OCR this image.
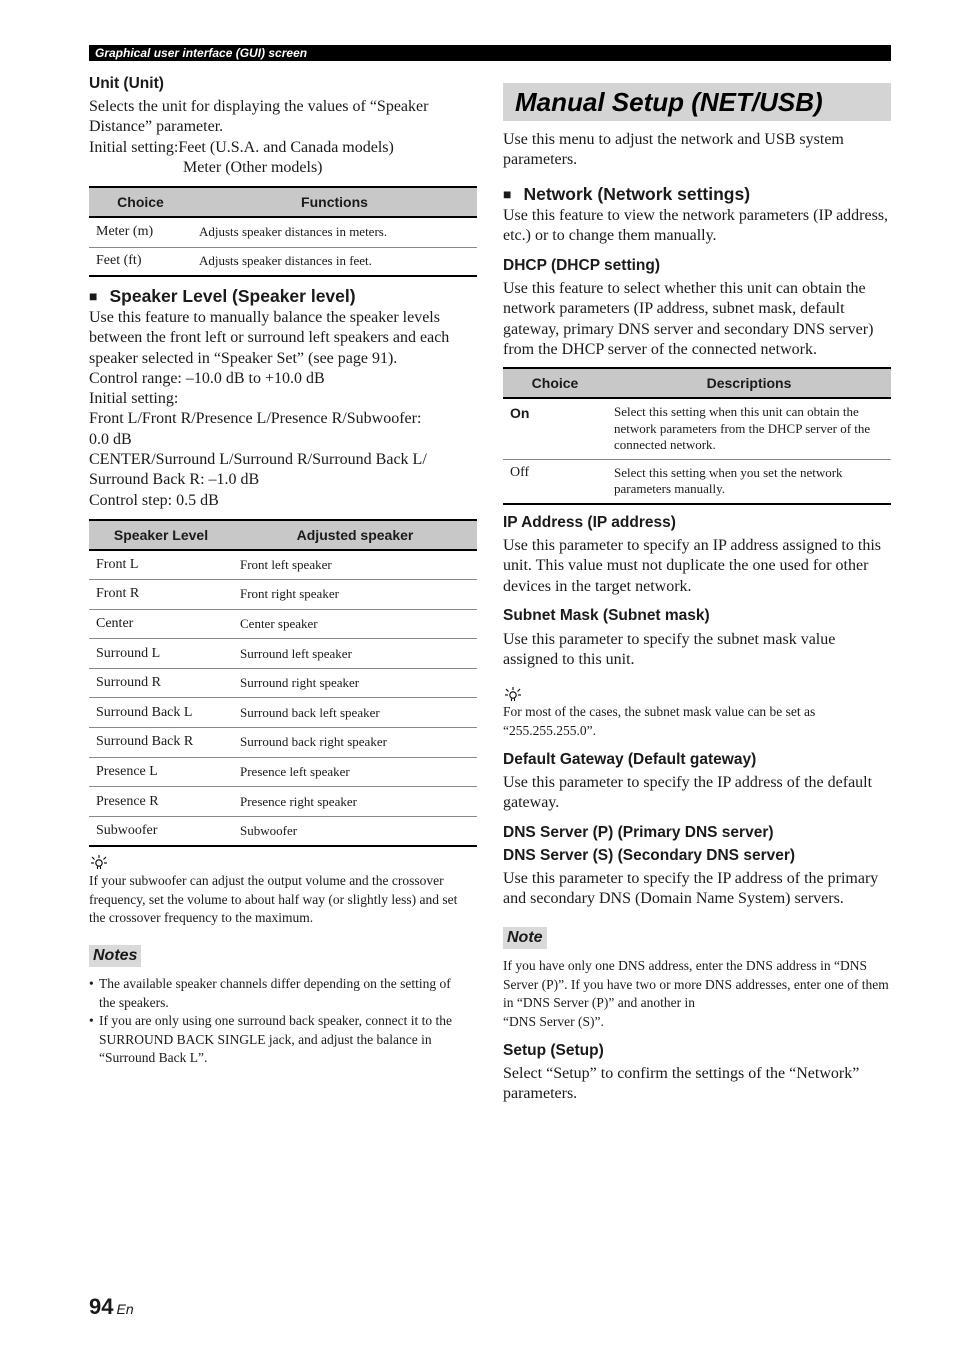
Graphical user interface (GUI) screen
Unit (Unit)

Selects the unit for displaying the values of “Speaker Distance” parameter.

Initial setting:Feet (U.S.A. and Canada models)
Meter (Other models)
Choice	Functions
Meter (m)	Adjusts speaker distances in meters.
Feet (ft)	Adjusts speaker distances in feet.
■ Speaker Level (Speaker level)

Use this feature to manually balance the speaker levels between the front left or surround left speakers and each speaker selected in “Speaker Set” (see page 91).

Control range: –10.0 dB to +10.0 dB

Initial setting:

Front L/Front R/Presence L/Presence R/Subwoofer: 0.0 dB

CENTER/Surround L/Surround R/Surround Back L/ Surround Back R: –1.0 dB

Control step: 0.5 dB

Speaker Level	Adjusted speaker
Front L	Front left speaker
Front R	Front right speaker
Center	Center speaker
Surround L	Surround left speaker
Surround R	Surround right speaker
Surround Back L	Surround back left speaker
Surround Back R	Surround back right speaker
Presence L	Presence left speaker
Presence R	Presence right speaker
Subwoofer	Subwoofer

If your subwoofer can adjust the output volume and the crossover frequency, set the volume to about half way (or slightly less) and set the crossover frequency to the maximum.

Notes
• The available speaker channels differ depending on the setting of the speakers.
• If you are only using one surround back speaker, connect it to the SURROUND BACK SINGLE jack, and adjust the balance in “Surround Back L”.
Manual Setup (NET/USB)

Use this menu to adjust the network and USB system parameters.

■ Network (Network settings)

Use this feature to view the network parameters (IP address, etc.) or to change them manually.

DHCP (DHCP setting)

Use this feature to select whether this unit can obtain the network parameters (IP address, subnet mask, default gateway, primary DNS server and secondary DNS server) from the DHCP server of the connected network.

Choice	Descriptions
On	Select this setting when this unit can obtain the network parameters from the DHCP server of the connected network.
Off	Select this setting when you set the network parameters manually.
IP Address (IP address)

Use this parameter to specify an IP address assigned to this unit. This value must not duplicate the one used for other devices in the target network.

Subnet Mask (Subnet mask)

Use this parameter to specify the subnet mask value assigned to this unit.

For most of the cases, the subnet mask value can be set as “255.255.255.0”.

Default Gateway (Default gateway)

Use this parameter to specify the IP address of the default gateway.

DNS Server (P) (Primary DNS server)
DNS Server (S) (Secondary DNS server)

Use this parameter to specify the IP address of the primary and secondary DNS (Domain Name System) servers.

Note

If you have only one DNS address, enter the DNS address in “DNS Server (P)”. If you have two or more DNS addresses, enter one of them in “DNS Server (P)” and another in

“DNS Server (S)”.

Setup (Setup)

Select “Setup” to confirm the settings of the “Network” parameters.

94 En
